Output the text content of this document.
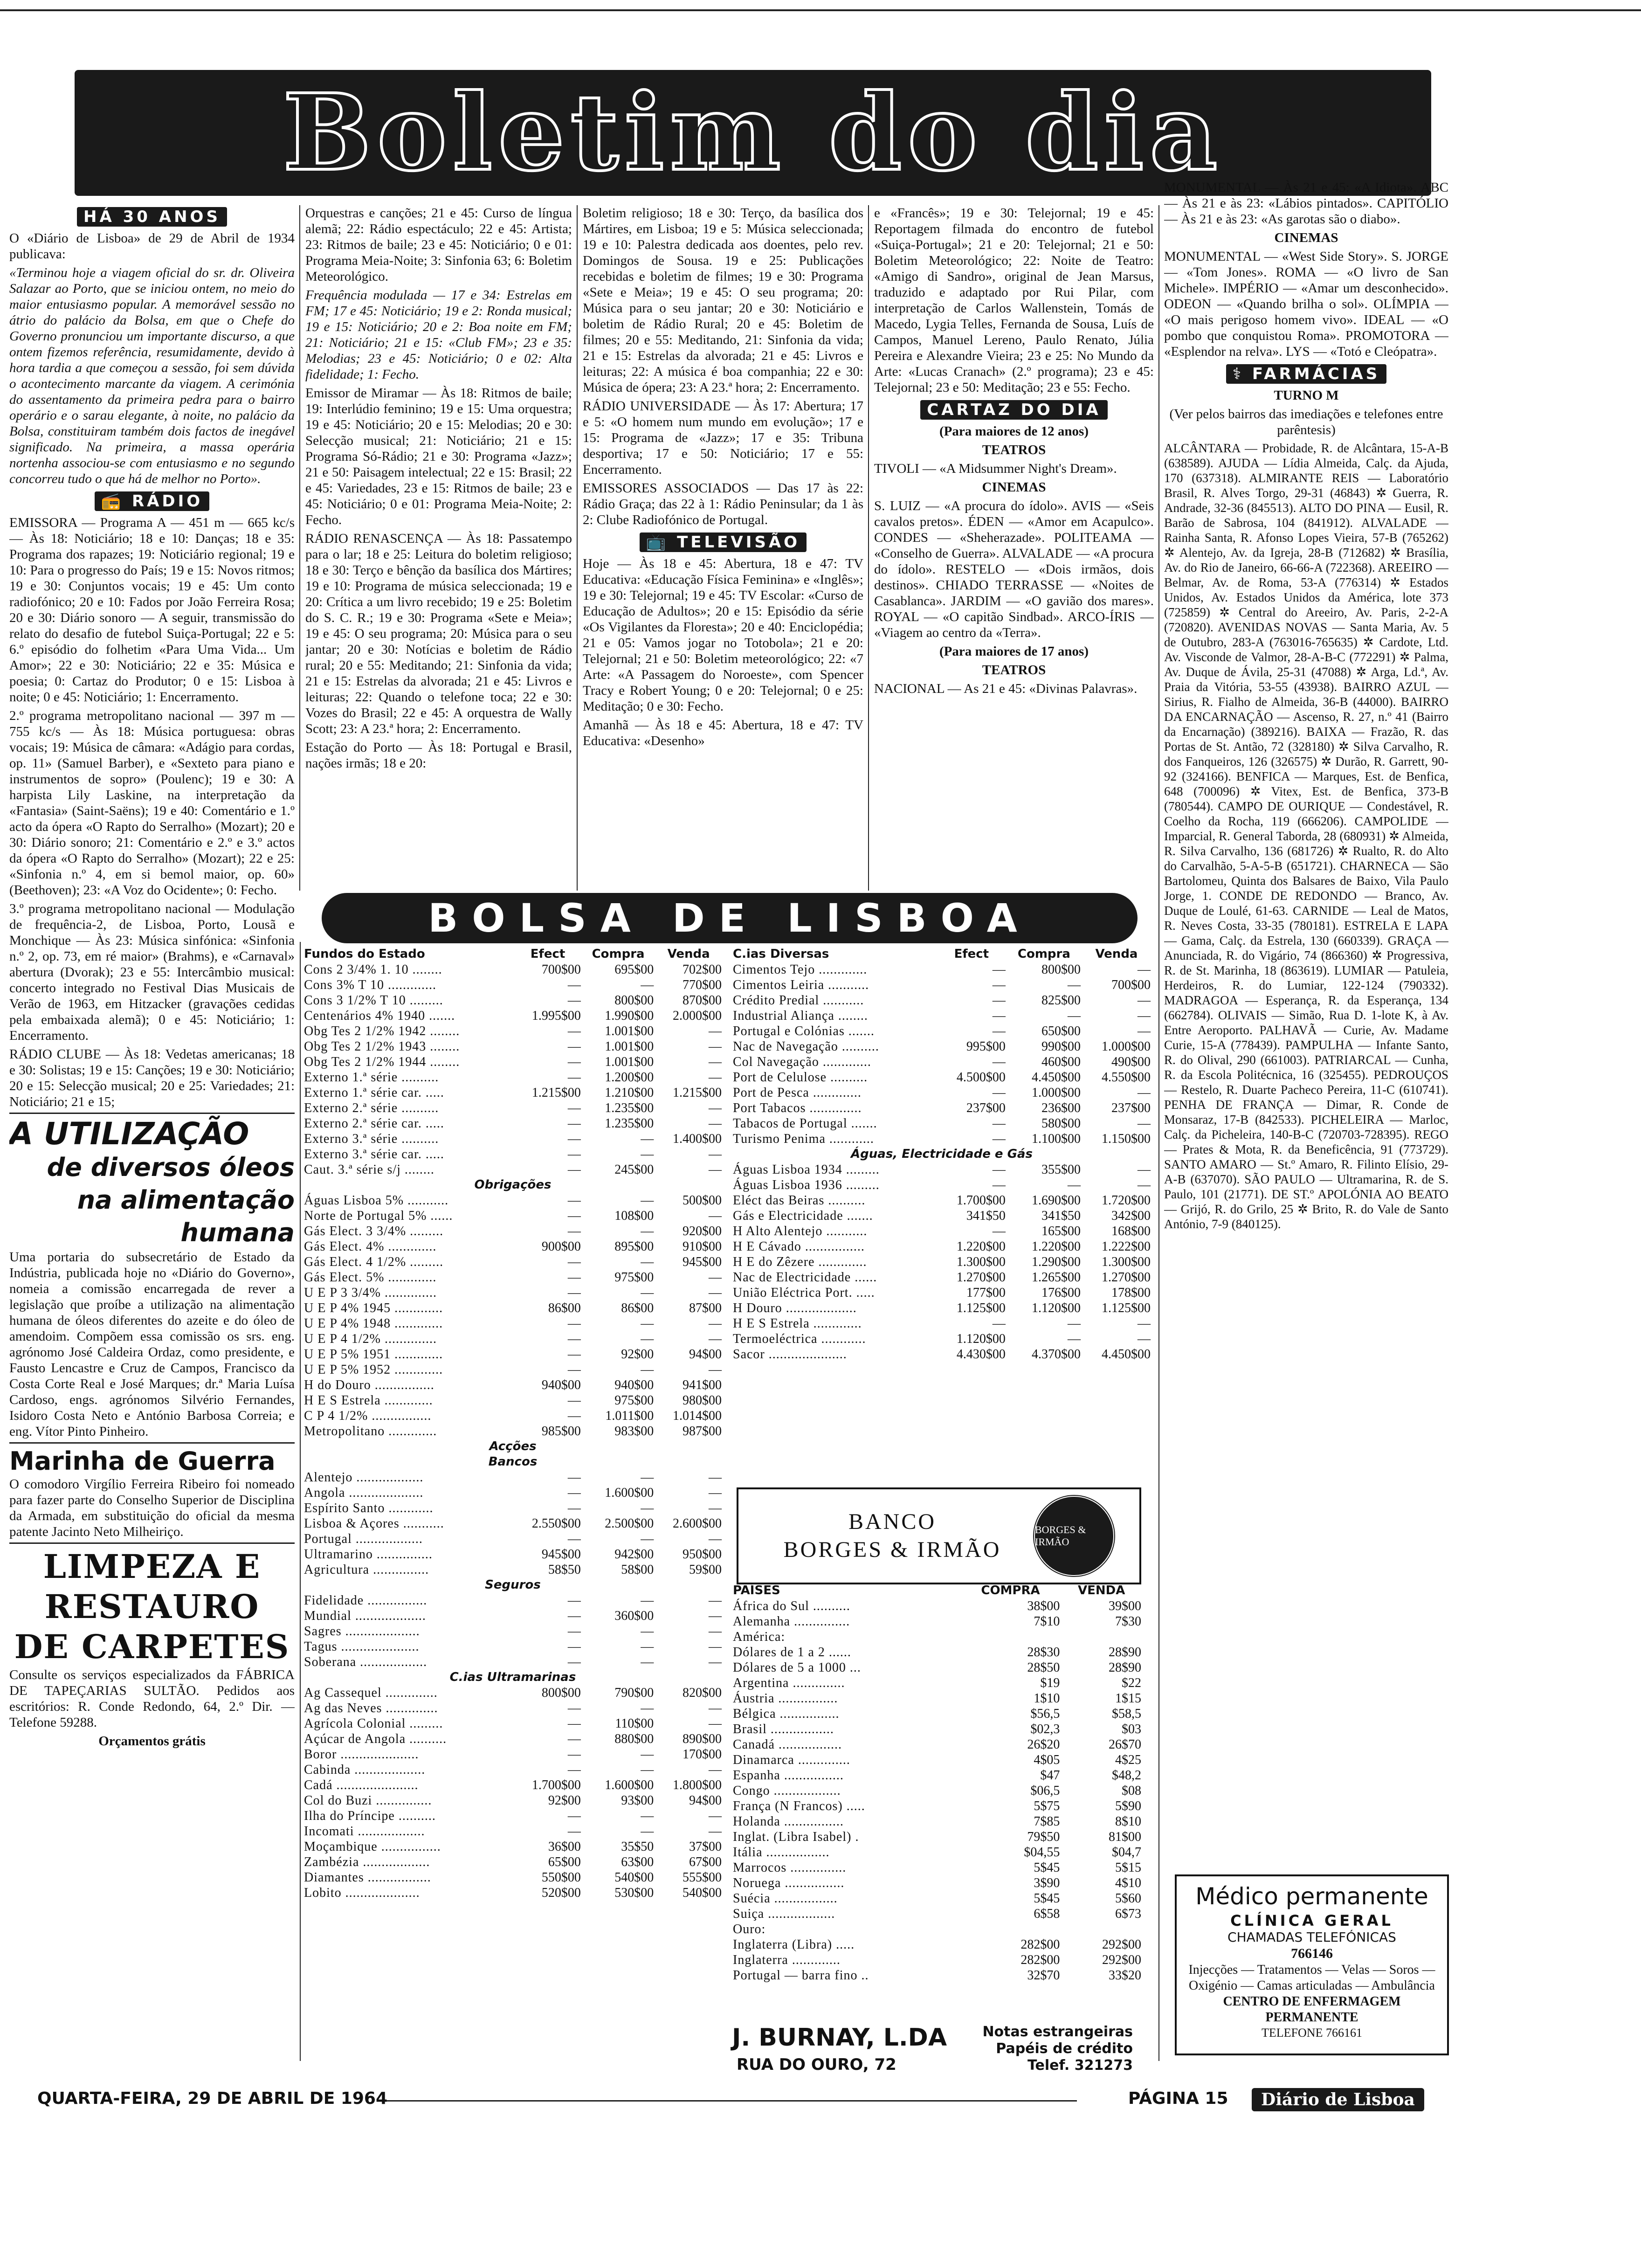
Boletim do dia
HÁ 30 ANOS

O «Diário de Lisboa» de 29 de Abril de 1934 publicava:

«Terminou hoje a viagem oficial do sr. dr. Oliveira Salazar ao Porto, que se iniciou ontem, no meio do maior entusiasmo popular. A memorável sessão no átrio do palácio da Bolsa, em que o Chefe do Governo pronunciou um importante discurso, a que ontem fizemos referência, resumidamente, devido à hora tardia a que começou a sessão, foi sem dúvida o acontecimento marcante da viagem. A cerimónia do assentamento da primeira pedra para o bairro operário e o sarau elegante, à noite, no palácio da Bolsa, constituiram também dois factos de inegável significado. Na primeira, a massa operária nortenha associou-se com entusiasmo e no segundo concorreu tudo o que há de melhor no Porto».

📻 RÁDIO

EMISSORA — Programa A — 451 m — 665 kc/s — Às 18: Noticiário; 18 e 10: Danças; 18 e 35: Programa dos rapazes; 19: Noticiário regional; 19 e 10: Para o progresso do País; 19 e 15: Novos ritmos; 19 e 30: Conjuntos vocais; 19 e 45: Um conto radiofónico; 20 e 10: Fados por João Ferreira Rosa; 20 e 30: Diário sonoro — A seguir, transmissão do relato do desafio de futebol Suiça-Portugal; 22 e 5: 6.º episódio do folhetim «Para Uma Vida... Um Amor»; 22 e 30: Noticiário; 22 e 35: Música e poesia; 0: Cartaz do Produtor; 0 e 15: Lisboa à noite; 0 e 45: Noticiário; 1: Encerramento.

2.º programa metropolitano nacional — 397 m — 755 kc/s — Às 18: Música portuguesa: obras vocais; 19: Música de câmara: «Adágio para cordas, op. 11» (Samuel Barber), e «Sexteto para piano e instrumentos de sopro» (Poulenc); 19 e 30: A harpista Lily Laskine, na interpretação da «Fantasia» (Saint-Saëns); 19 e 40: Comentário e 1.º acto da ópera «O Rapto do Serralho» (Mozart); 20 e 30: Diário sonoro; 21: Comentário e 2.º e 3.º actos da ópera «O Rapto do Serralho» (Mozart); 22 e 25: «Sinfonia n.º 4, em si bemol maior, op. 60» (Beethoven); 23: «A Voz do Ocidente»; 0: Fecho.

3.º programa metropolitano nacional — Modulação de frequência-2, de Lisboa, Porto, Lousã e Monchique — Às 23: Música sinfónica: «Sinfonia n.º 2, op. 73, em ré maior» (Brahms), e «Carnaval» abertura (Dvorak); 23 e 55: Intercâmbio musical: concerto integrado no Festival Dias Musicais de Verão de 1963, em Hitzacker (gravações cedidas pela embaixada alemã); 0 e 45: Noticiário; 1: Encerramento.

RÁDIO CLUBE — Às 18: Vedetas americanas; 18 e 30: Solistas; 19 e 15: Canções; 19 e 30: Noticiário; 20 e 15: Selecção musical; 20 e 25: Variedades; 21: Noticiário; 21 e 15;

A UTILIZAÇÃO
de diversos óleos
na alimentação humana

Uma portaria do subsecretário de Estado da Indústria, publicada hoje no «Diário do Governo», nomeia a comissão encarregada de rever a legislação que proíbe a utilização na alimentação humana de óleos diferentes do azeite e do óleo de amendoim. Compõem essa comissão os srs. eng. agrónomo José Caldeira Ordaz, como presidente, e Fausto Lencastre e Cruz de Campos, Francisco da Costa Corte Real e José Marques; dr.ª Maria Luísa Cardoso, engs. agrónomos Silvério Fernandes, Isidoro Costa Neto e António Barbosa Correia; e eng. Vítor Pinto Pinheiro.

Marinha de Guerra

O comodoro Virgílio Ferreira Ribeiro foi nomeado para fazer parte do Conselho Superior de Disciplina da Armada, em substituição do oficial da mesma patente Jacinto Neto Milheiriço.

LIMPEZA E RESTAURO
DE CARPETES

Consulte os serviços especializados da FÁBRICA DE TAPEÇARIAS SULTÃO. Pedidos aos escritórios: R. Conde Redondo, 64, 2.º Dir. — Telefone 59288.

Orçamentos grátis

Orquestras e canções; 21 e 45: Curso de língua alemã; 22: Rádio espectáculo; 22 e 45: Artista; 23: Ritmos de baile; 23 e 45: Noticiário; 0 e 01: Programa Meia-Noite; 3: Sinfonia 63; 6: Boletim Meteorológico.

Frequência modulada — 17 e 34: Estrelas em FM; 17 e 45: Noticiário; 19 e 2: Ronda musical; 19 e 15: Noticiário; 20 e 2: Boa noite em FM; 21: Noticiário; 21 e 15: «Club FM»; 23 e 35: Melodias; 23 e 45: Noticiário; 0 e 02: Alta fidelidade; 1: Fecho.

Emissor de Miramar — Às 18: Ritmos de baile; 19: Interlúdio feminino; 19 e 15: Uma orquestra; 19 e 45: Noticiário; 20 e 15: Melodias; 20 e 30: Selecção musical; 21: Noticiário; 21 e 15: Programa Só-Rádio; 21 e 30: Programa «Jazz»; 21 e 50: Paisagem intelectual; 22 e 15: Brasil; 22 e 45: Variedades, 23 e 15: Ritmos de baile; 23 e 45: Noticiário; 0 e 01: Programa Meia-Noite; 2: Fecho.

RÁDIO RENASCENÇA — Às 18: Passatempo para o lar; 18 e 25: Leitura do boletim religioso; 18 e 30: Terço e bênção da basílica dos Mártires; 19 e 10: Programa de música seleccionada; 19 e 20: Crítica a um livro recebido; 19 e 25: Boletim do S. C. R.; 19 e 30: Programa «Sete e Meia»; 19 e 45: O seu programa; 20: Música para o seu jantar; 20 e 30: Notícias e boletim de Rádio rural; 20 e 55: Meditando; 21: Sinfonia da vida; 21 e 15: Estrelas da alvorada; 21 e 45: Livros e leituras; 22: Quando o telefone toca; 22 e 30: Vozes do Brasil; 22 e 45: A orquestra de Wally Scott; 23: A 23.ª hora; 2: Encerramento.

Estação do Porto — Às 18: Portugal e Brasil, nações irmãs; 18 e 20:

Boletim religioso; 18 e 30: Terço, da basílica dos Mártires, em Lisboa; 19 e 5: Música seleccionada; 19 e 10: Palestra dedicada aos doentes, pelo rev. Domingos de Sousa. 19 e 25: Publicações recebidas e boletim de filmes; 19 e 30: Programa «Sete e Meia»; 19 e 45: O seu programa; 20: Música para o seu jantar; 20 e 30: Noticiário e boletim de Rádio Rural; 20 e 45: Boletim de filmes; 20 e 55: Meditando, 21: Sinfonia da vida; 21 e 15: Estrelas da alvorada; 21 e 45: Livros e leituras; 22: A música é boa companhia; 22 e 30: Música de ópera; 23: A 23.ª hora; 2: Encerramento.

RÁDIO UNIVERSIDADE — Às 17: Abertura; 17 e 5: «O homem num mundo em evolução»; 17 e 15: Programa de «Jazz»; 17 e 35: Tribuna desportiva; 17 e 50: Noticiário; 17 e 55: Encerramento.

EMISSORES ASSOCIADOS — Das 17 às 22: Rádio Graça; das 22 à 1: Rádio Peninsular; da 1 às 2: Clube Radiofónico de Portugal.

📺 TELEVISÃO

Hoje — Às 18 e 45: Abertura, 18 e 47: TV Educativa: «Educação Física Feminina» e «Inglês»; 19 e 30: Telejornal; 19 e 45: TV Escolar: «Curso de Educação de Adultos»; 20 e 15: Episódio da série «Os Vigilantes da Floresta»; 20 e 40: Enciclopédia; 21 e 05: Vamos jogar no Totobola»; 21 e 20: Telejornal; 21 e 50: Boletim meteorológico; 22: «7 Arte: «A Passagem do Noroeste», com Spencer Tracy e Robert Young; 0 e 20: Telejornal; 0 e 25: Meditação; 0 e 30: Fecho.

Amanhã — Às 18 e 45: Abertura, 18 e 47: TV Educativa: «Desenho»

e «Francês»; 19 e 30: Telejornal; 19 e 45: Reportagem filmada do encontro de futebol «Suiça-Portugal»; 21 e 20: Telejornal; 21 e 50: Boletim Meteorológico; 22: Noite de Teatro: «Amigo di Sandro», original de Jean Marsus, traduzido e adaptado por Rui Pilar, com interpretação de Carlos Wallenstein, Tomás de Macedo, Lygia Telles, Fernanda de Sousa, Luís de Campos, Manuel Lereno, Paulo Renato, Júlia Pereira e Alexandre Vieira; 23 e 25: No Mundo da Arte: «Lucas Cranach» (2.º programa); 23 e 45: Telejornal; 23 e 50: Meditação; 23 e 55: Fecho.

CARTAZ DO DIA

(Para maiores de 12 anos)

TEATROS

TIVOLI — «A Midsummer Night's Dream».

CINEMAS

S. LUIZ — «A procura do ídolo». AVIS — «Seis cavalos pretos». ÉDEN — «Amor em Acapulco». CONDES — «Sheherazade». POLITEAMA — «Conselho de Guerra». ALVALADE — «A procura do ídolo». RESTELO — «Dois irmãos, dois destinos». CHIADO TERRASSE — «Noites de Casablanca». JARDIM — «O gavião dos mares». ROYAL — «O capitão Sindbad». ARCO-ÍRIS — «Viagem ao centro da «Terra».

(Para maiores de 17 anos)

TEATROS

NACIONAL — As 21 e 45: «Divinas Palavras».

MONUMENTAL — Às 21 e 45: «A Idiota». ABC — Às 21 e às 23: «Lábios pintados». CAPITÓLIO — Às 21 e às 23: «As garotas são o diabo».

CINEMAS

MONUMENTAL — «West Side Story». S. JORGE — «Tom Jones». ROMA — «O livro de San Michele». IMPÉRIO — «Amar um desconhecido». ODEON — «Quando brilha o sol». OLÍMPIA — «O mais perigoso homem vivo». IDEAL — «O pombo que conquistou Roma». PROMOTORA — «Esplendor na relva». LYS — «Totó e Cleópatra».

⚕ FARMÁCIAS

TURNO M

(Ver pelos bairros das imediações e telefones entre parêntesis)

ALCÂNTARA — Probidade, R. de Alcântara, 15-A-B (638589). AJUDA — Lídia Almeida, Calç. da Ajuda, 170 (637318). ALMIRANTE REIS — Laboratório Brasil, R. Alves Torgo, 29-31 (46843) ✲ Guerra, R. Andrade, 32-36 (845513). ALTO DO PINA — Eusil, R. Barão de Sabrosa, 104 (841912). ALVALADE — Rainha Santa, R. Afonso Lopes Vieira, 57-B (765262) ✲ Alentejo, Av. da Igreja, 28-B (712682) ✲ Brasília, Av. do Rio de Janeiro, 66-66-A (722368). AREEIRO — Belmar, Av. de Roma, 53-A (776314) ✲ Estados Unidos, Av. Estados Unidos da América, lote 373 (725859) ✲ Central do Areeiro, Av. Paris, 2-2-A (720820). AVENIDAS NOVAS — Santa Maria, Av. 5 de Outubro, 283-A (763016-765635) ✲ Cardote, Ltd. Av. Visconde de Valmor, 28-A-B-C (772291) ✲ Palma, Av. Duque de Ávila, 25-31 (47088) ✲ Arga, Ld.ª, Av. Praia da Vitória, 53-55 (43938). BAIRRO AZUL — Sirius, R. Fialho de Almeida, 36-B (44000). BAIRRO DA ENCARNAÇÃO — Ascenso, R. 27, n.º 41 (Bairro da Encarnação) (389216). BAIXA — Frazão, R. das Portas de St. Antão, 72 (328180) ✲ Silva Carvalho, R. dos Fanqueiros, 126 (326575) ✲ Durão, R. Garrett, 90-92 (324166). BENFICA — Marques, Est. de Benfica, 648 (700096) ✲ Vitex, Est. de Benfica, 373-B (780544). CAMPO DE OURIQUE — Condestável, R. Coelho da Rocha, 119 (666206). CAMPOLIDE — Imparcial, R. General Taborda, 28 (680931) ✲ Almeida, R. Silva Carvalho, 136 (681726) ✲ Rualto, R. do Alto do Carvalhão, 5-A-5-B (651721). CHARNECA — São Bartolomeu, Quinta dos Balsares de Baixo, Vila Paulo Jorge, 1. CONDE DE REDONDO — Branco, Av. Duque de Loulé, 61-63. CARNIDE — Leal de Matos, R. Neves Costa, 33-35 (780181). ESTRELA E LAPA — Gama, Calç. da Estrela, 130 (660339). GRAÇA — Anunciada, R. do Vigário, 74 (866360) ✲ Progressiva, R. de St. Marinha, 18 (863619). LUMIAR — Patuleia, Herdeiros, R. do Lumiar, 122-124 (790332). MADRAGOA — Esperança, R. da Esperança, 134 (662784). OLIVAIS — Simão, Rua D. 1-lote K, à Av. Entre Aeroporto. PALHAVÃ — Curie, Av. Madame Curie, 15-A (778439). PAMPULHA — Infante Santo, R. do Olival, 290 (661003). PATRIARCAL — Cunha, R. da Escola Politécnica, 16 (325455). PEDROUÇOS — Restelo, R. Duarte Pacheco Pereira, 11-C (610741). PENHA DE FRANÇA — Dimar, R. Conde de Monsaraz, 17-B (842533). PICHELEIRA — Marloc, Calç. da Picheleira, 140-B-C (720703-728395). REGO — Prates & Mota, R. da Beneficência, 91 (773729). SANTO AMARO — St.º Amaro, R. Filinto Elísio, 29-A-B (637070). SÃO PAULO — Ultramarina, R. de S. Paulo, 101 (21771). DE ST.º APOLÓNIA AO BEATO — Grijó, R. do Grilo, 25 ✲ Brito, R. do Vale de Santo António, 7-9 (840125).

Médico permanente
CLÍNICA GERAL
CHAMADAS TELEFÓNICAS
766146
Injecções — Tratamentos — Velas — Soros — Oxigénio — Camas articuladas — Ambulância
CENTRO DE ENFERMAGEM PERMANENTE
TELEFONE 766161
BOLSA DE LISBOA
Fundos do Estado	Efect	Compra	Venda
Cons 2 3/4% 1. 10 ........	700$00	695$00	702$00
Cons 3% T 10 .............	—	—	770$00
Cons 3 1/2% T 10 .........	—	800$00	870$00
Centenários 4% 1940 .......	1.995$00	1.990$00	2.000$00
Obg Tes 2 1/2% 1942 ........	—	1.001$00	—
Obg Tes 2 1/2% 1943 ........	—	1.001$00	—
Obg Tes 2 1/2% 1944 ........	—	1.001$00	—
Externo 1.ª série ..........	—	1.200$00	—
Externo 1.ª série car. .....	1.215$00	1.210$00	1.215$00
Externo 2.ª série ..........	—	1.235$00	—
Externo 2.ª série car. .....	—	1.235$00	—
Externo 3.ª série ..........	—	—	1.400$00
Externo 3.ª série car. .....	—	—	—
Caut. 3.ª série s/j ........	—	245$00	—
Obrigações			
Águas Lisboa 5% ...........	—	—	500$00
Norte de Portugal 5% ......	—	108$00	—
Gás Elect. 3 3/4% .........	—	—	920$00
Gás Elect. 4% .............	900$00	895$00	910$00
Gás Elect. 4 1/2% .........	—	—	945$00
Gás Elect. 5% .............	—	975$00	—
U E P 3 3/4% ..............	—	—	—
U E P 4% 1945 .............	86$00	86$00	87$00
U E P 4% 1948 .............	—	—	—
U E P 4 1/2% ..............	—	—	—
U E P 5% 1951 .............	—	92$00	94$00
U E P 5% 1952 .............	—	—	—
H do Douro ................	940$00	940$00	941$00
H E S Estrela .............	—	975$00	980$00
C P 4 1/2% ................	—	1.011$00	1.014$00
Metropolitano .............	985$00	983$00	987$00
Acções			
Bancos			
Alentejo ..................	—	—	—
Angola ....................	—	1.600$00	—
Espírito Santo ............	—	—	—
Lisboa & Açores ...........	2.550$00	2.500$00	2.600$00
Portugal ..................	—	—	—
Ultramarino ...............	945$00	942$00	950$00
Agricultura ...............	58$50	58$00	59$00
Seguros			
Fidelidade ................	—	—	—
Mundial ...................	—	360$00	—
Sagres ....................	—	—	—
Tagus .....................	—	—	—
Soberana ..................	—	—	—
C.ias Ultramarinas			
Ag Cassequel ..............	800$00	790$00	820$00
Ag das Neves ..............	—	—	—
Agrícola Colonial .........	—	110$00	—
Açúcar de Angola ..........	—	880$00	890$00
Boror .....................	—	—	170$00
Cabinda ...................	—	—	—
Cadá ......................	1.700$00	1.600$00	1.800$00
Col do Buzi ...............	92$00	93$00	94$00
Ilha do Príncipe ..........	—	—	—
Incomati ..................	—	—	—
Moçambique ................	36$00	35$50	37$00
Zambézia ..................	65$00	63$00	67$00
Diamantes .................	550$00	540$00	555$00
Lobito ....................	520$00	530$00	540$00
C.ias Diversas	Efect	Compra	Venda
Cimentos Tejo .............	—	800$00	—
Cimentos Leiria ...........	—	—	700$00
Crédito Predial ...........	—	825$00	—
Industrial Aliança ........	—	—	—
Portugal e Colónias .......	—	650$00	—
Nac de Navegação ..........	995$00	990$00	1.000$00
Col Navegação .............	—	460$00	490$00
Port de Celulose ..........	4.500$00	4.450$00	4.550$00
Port de Pesca .............	—	1.000$00	—
Port Tabacos ..............	237$00	236$00	237$00
Tabacos de Portugal .......	—	580$00	—
Turismo Penima ............	—	1.100$00	1.150$00
Águas, Electricidade e Gás			
Águas Lisboa 1934 .........	—	355$00	—
Águas Lisboa 1936 .........	—	—	—
Eléct das Beiras ..........	1.700$00	1.690$00	1.720$00
Gás e Electricidade .......	341$50	341$50	342$00
H Alto Alentejo ...........	—	165$00	168$00
H E Cávado ................	1.220$00	1.220$00	1.222$00
H E do Zêzere .............	1.300$00	1.290$00	1.300$00
Nac de Electricidade ......	1.270$00	1.265$00	1.270$00
União Eléctrica Port. .....	177$00	176$00	178$00
H Douro ...................	1.125$00	1.120$00	1.125$00
H E S Estrela .............	—	—	—
Termoeléctrica ............	1.120$00	—	—
Sacor .....................	4.430$00	4.370$00	4.450$00
BANCO
BORGES & IRMÃO
BORGES & IRMÃO
PAÍSES	COMPRA	VENDA
África do Sul ..........	38$00	39$00
Alemanha ...............	7$10	7$30
América:		
Dólares de 1 a 2 ......	28$30	28$90
Dólares de 5 a 1000 ...	28$50	28$90
Argentina ..............	$19	$22
Áustria ................	1$10	1$15
Bélgica ................	$56,5	$58,5
Brasil .................	$02,3	$03
Canadá .................	26$20	26$70
Dinamarca ..............	4$05	4$25
Espanha ................	$47	$48,2
Congo ..................	$06,5	$08
França (N Francos) .....	5$75	5$90
Holanda ................	7$85	8$10
Inglat. (Libra Isabel) .	79$50	81$00
Itália .................	$04,55	$04,7
Marrocos ...............	5$45	5$15
Noruega ................	3$90	4$10
Suécia .................	5$45	5$60
Suiça ..................	6$58	6$73
Ouro:		
Inglaterra (Libra) .....	282$00	292$00
Inglaterra .............	282$00	292$00
Portugal — barra fino ..	32$70	33$20
J. BURNAY, L.DA
RUA DO OURO, 72
Notas estrangeiras
Papéis de crédito
Telef. 321273
QUARTA-FEIRA, 29 DE ABRIL DE 1964	PÁGINA 15	Diário de Lisboa
